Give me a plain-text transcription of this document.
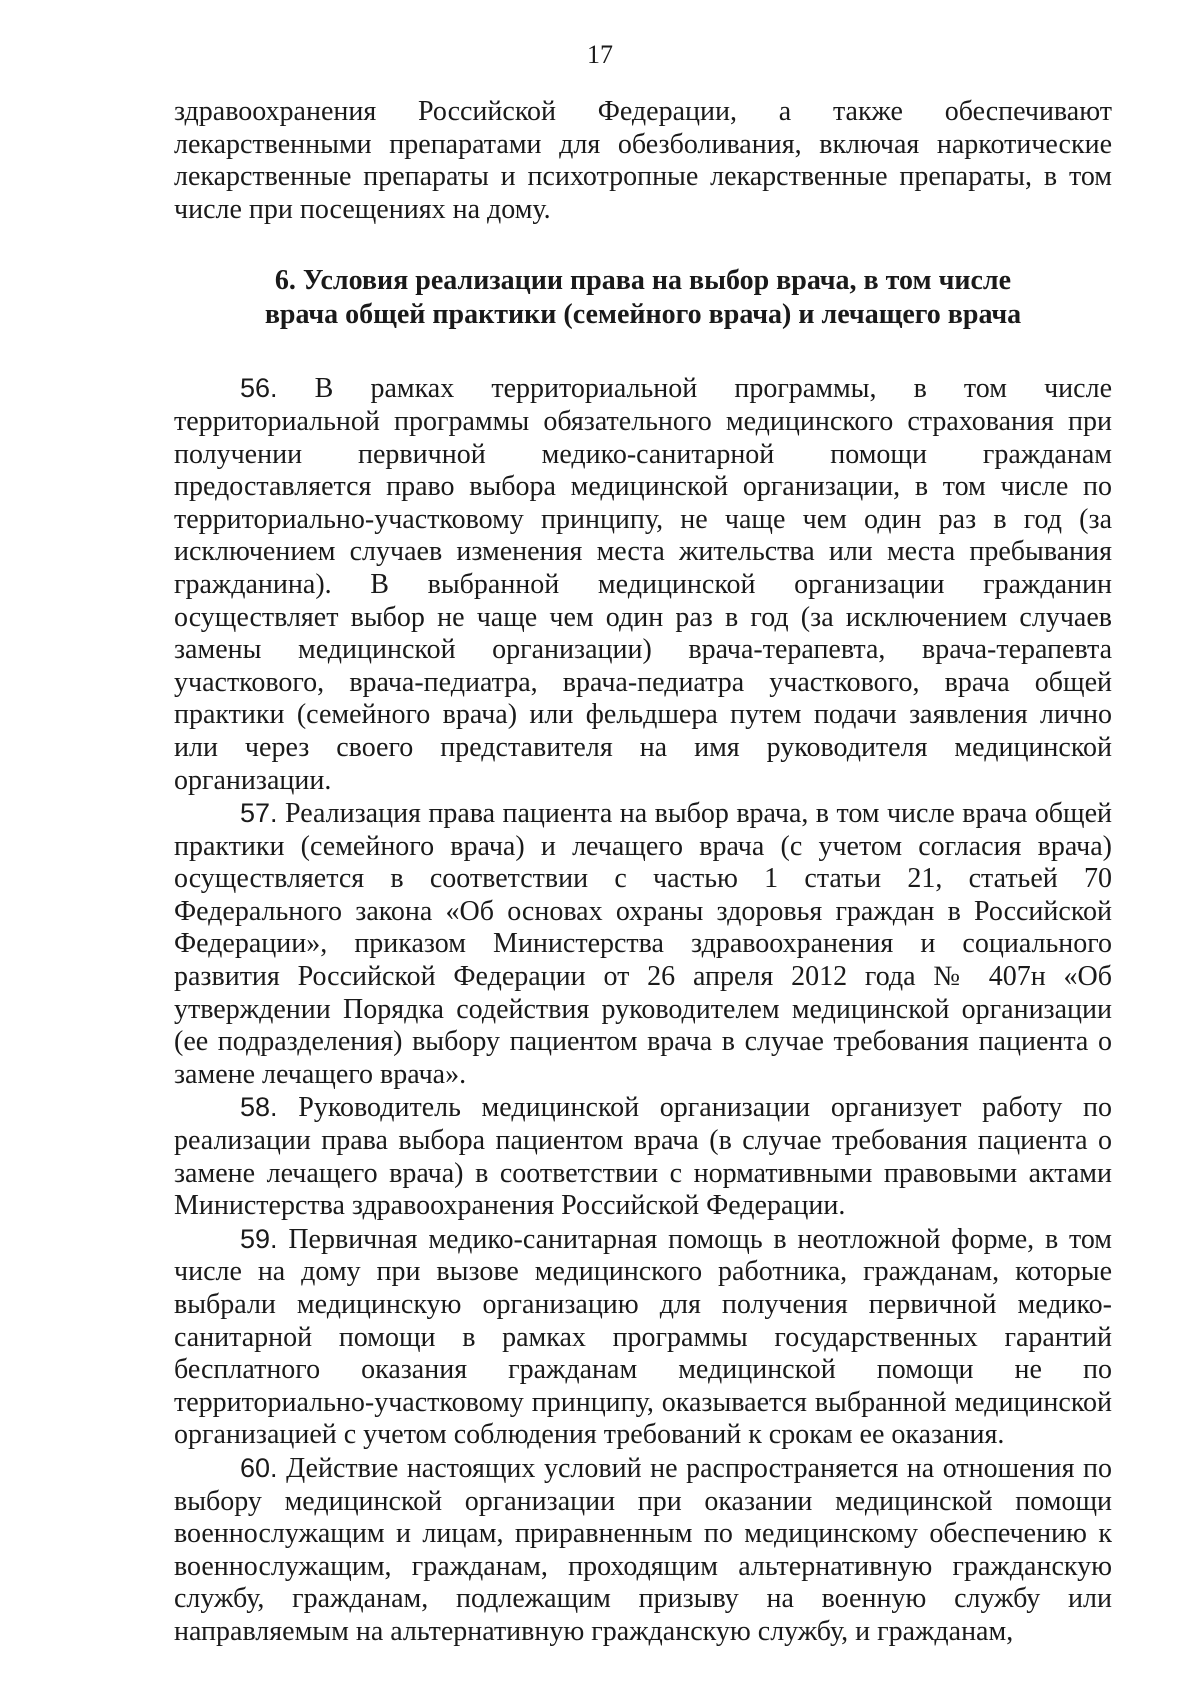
17

здравоохранения Российской Федерации, а также обеспечивают лекарственными препаратами для обезболивания, включая наркотические лекарственные препараты и психотропные лекарственные препараты, в том числе при посещениях на дому.

6. Условия реализации права на выбор врача, в том числе
врача общей практики (семейного врача) и лечащего врача

56. В рамках территориальной программы, в том числе территориальной программы обязательного медицинского страхования при получении первичной медико-санитарной помощи гражданам предоставляется право выбора медицинской организации, в том числе по территориально-участковому принципу, не чаще чем один раз в год (за исключением случаев изменения места жительства или места пребывания гражданина). В выбранной медицинской организации гражданин осуществляет выбор не чаще чем один раз в год (за исключением случаев замены медицинской организации) врача-терапевта, врача-терапевта участкового, врача-педиатра, врача-педиатра участкового, врача общей практики (семейного врача) или фельдшера путем подачи заявления лично или через своего представителя на имя руководителя медицинской организации.

57. Реализация права пациента на выбор врача, в том числе врача общей практики (семейного врача) и лечащего врача (с учетом согласия врача) осуществляется в соответствии с частью 1 статьи 21, статьей 70 Федерального закона «Об основах охраны здоровья граждан в Российской Федерации», приказом Министерства здравоохранения и социального развития Российской Федерации от 26 апреля 2012 года № 407н «Об утверждении Порядка содействия руководителем медицинской организации (ее подразделения) выбору пациентом врача в случае требования пациента о замене лечащего врача».

58. Руководитель медицинской организации организует работу по реализации права выбора пациентом врача (в случае требования пациента о замене лечащего врача) в соответствии с нормативными правовыми актами Министерства здравоохранения Российской Федерации.

59. Первичная медико-санитарная помощь в неотложной форме, в том числе на дому при вызове медицинского работника, гражданам, которые выбрали медицинскую организацию для получения первичной медико-санитарной помощи в рамках программы государственных гарантий бесплатного оказания гражданам медицинской помощи не по территориально-участковому принципу, оказывается выбранной медицинской организацией с учетом соблюдения требований к срокам ее оказания.

60. Действие настоящих условий не распространяется на отношения по выбору медицинской организации при оказании медицинской помощи военнослужащим и лицам, приравненным по медицинскому обеспечению к военнослужащим, гражданам, проходящим альтернативную гражданскую службу, гражданам, подлежащим призыву на военную службу или направляемым на альтернативную гражданскую службу, и гражданам,
